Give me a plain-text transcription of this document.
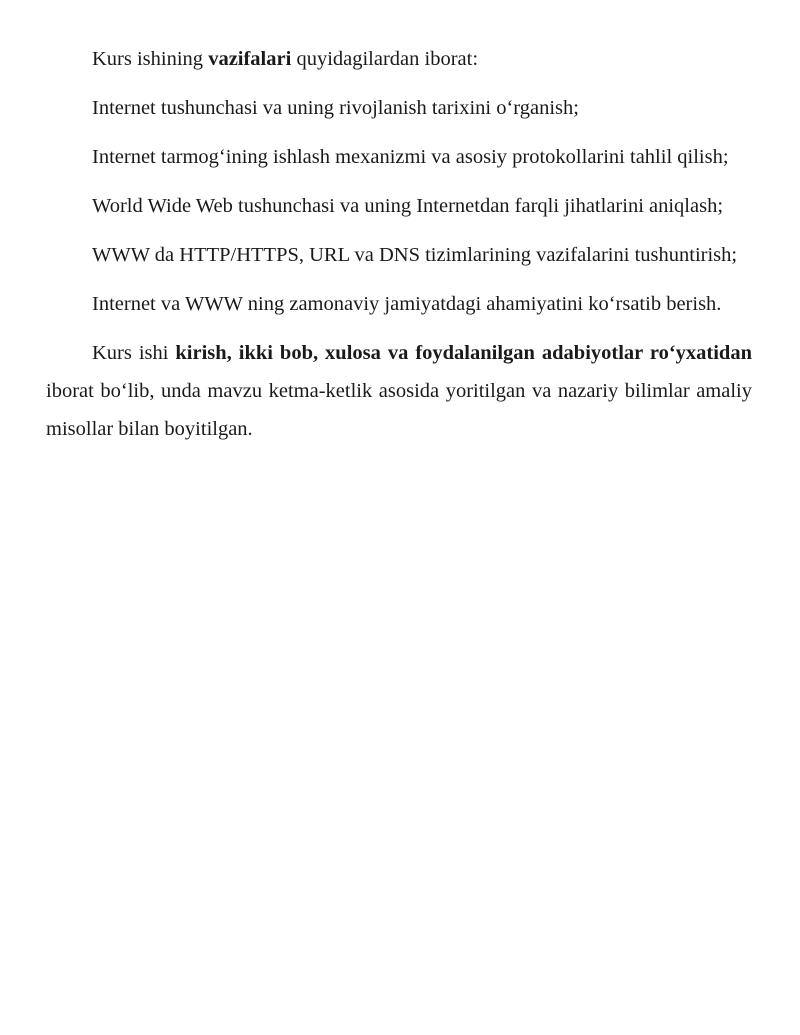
Kurs ishining vazifalari quyidagilardan iborat:

Internet tushunchasi va uning rivojlanish tarixini o‘rganish;

Internet tarmog‘ining ishlash mexanizmi va asosiy protokollarini tahlil qilish;

World Wide Web tushunchasi va uning Internetdan farqli jihatlarini aniqlash;

WWW da HTTP/HTTPS, URL va DNS tizimlarining vazifalarini tushuntirish;

Internet va WWW ning zamonaviy jamiyatdagi ahamiyatini ko‘rsatib berish.

Kurs ishi kirish, ikki bob, xulosa va foydalanilgan adabiyotlar ro‘yxatidan iborat bo‘lib, unda mavzu ketma-ketlik asosida yoritilgan va nazariy bilimlar amaliy misollar bilan boyitilgan.
